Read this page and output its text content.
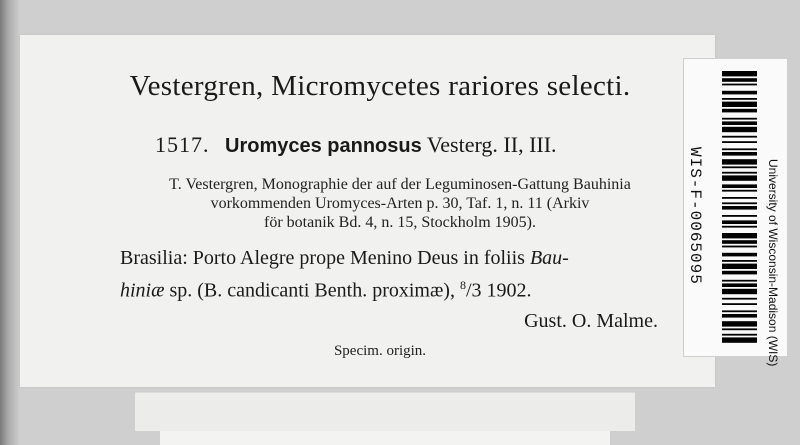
Vestergren, Micromycetes rariores selecti.
1517. Uromyces pannosus Vesterg. II, III.
T. Vestergren, Monographie der auf der Leguminosen-Gattung Bauhinia
vorkommenden Uromyces-Arten p. 30, Taf. 1, n. 11 (Arkiv
för botanik Bd. 4, n. 15, Stockholm 1905).
Brasilia: Porto Alegre prope Menino Deus in foliis Bau-
hiniæ sp. (B. candicanti Benth. proximæ), $^8$/3 1902.
Gust. O. Malme.
Specim. origin.
WIS-F-0065095	University of Wisconsin-Madison (WIS)
